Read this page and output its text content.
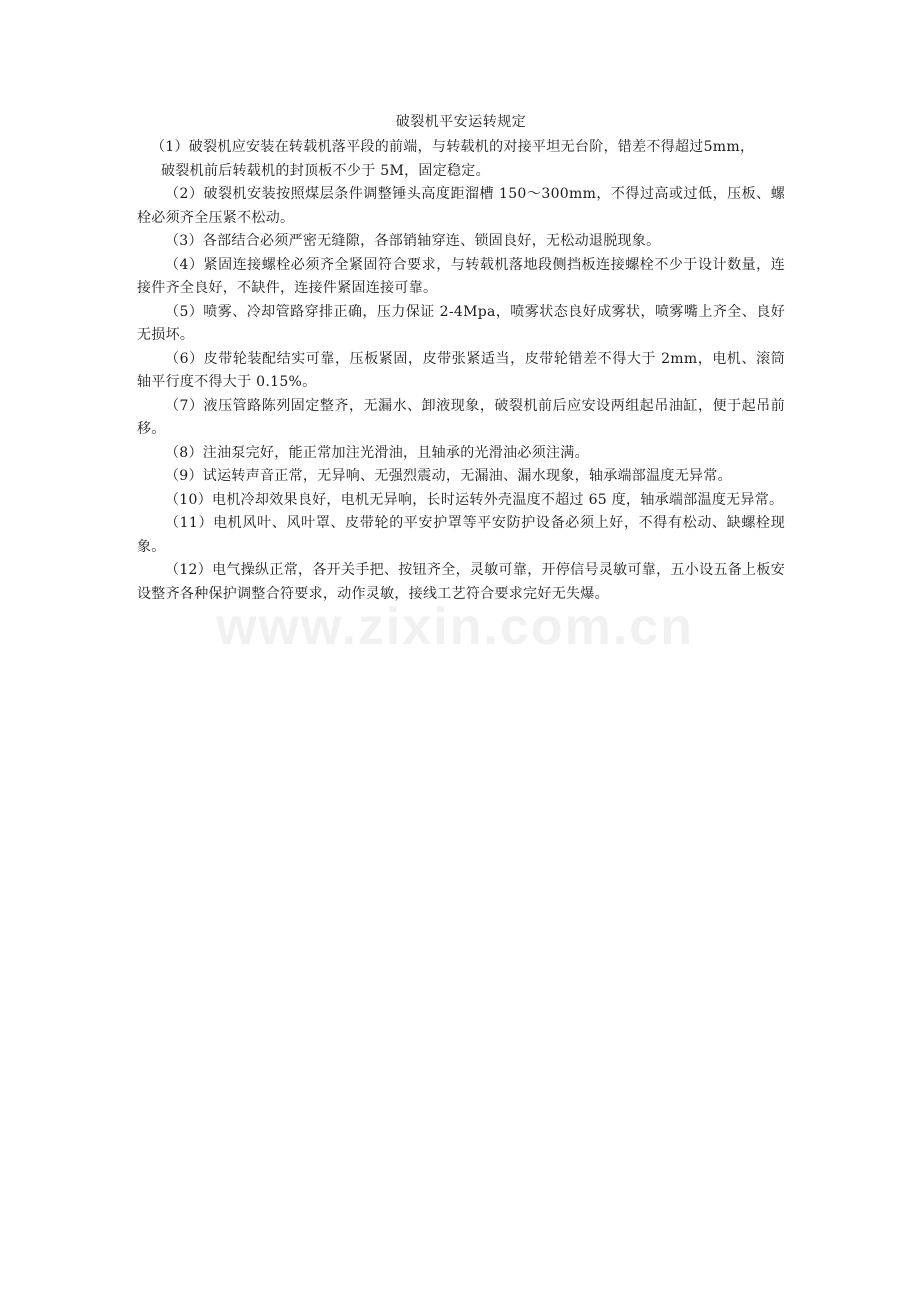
破裂机平安运转规定

（1）破裂机应安装在转载机落平段的前端，与转载机的对接平坦无台阶，错差不得超过5mm，

破裂机前后转载机的封顶板不少于 5M，固定稳定。

（2）破裂机安装按照煤层条件调整锤头高度距溜槽 150～300mm，不得过高或过低，压板、螺栓必须齐全压紧不松动。

（3）各部结合必须严密无缝隙，各部销轴穿连、锁固良好，无松动退脱现象。

（4）紧固连接螺栓必须齐全紧固符合要求，与转载机落地段侧挡板连接螺栓不少于设计数量，连接件齐全良好，不缺件，连接件紧固连接可靠。

（5）喷雾、冷却管路穿排正确，压力保证 2-4Mpa，喷雾状态良好成雾状，喷雾嘴上齐全、良好无损坏。

（6）皮带轮装配结实可靠，压板紧固，皮带张紧适当，皮带轮错差不得大于 2mm，电机、滚筒轴平行度不得大于 0.15%。

（7）液压管路陈列固定整齐，无漏水、卸液现象，破裂机前后应安设两组起吊油缸，便于起吊前移。

（8）注油泵完好，能正常加注光滑油，且轴承的光滑油必须注满。

（9）试运转声音正常，无异响、无强烈震动，无漏油、漏水现象，轴承端部温度无异常。

（10）电机冷却效果良好，电机无异响，长时运转外壳温度不超过 65 度，轴承端部温度无异常。

（11）电机风叶、风叶罩、皮带轮的平安护罩等平安防护设备必须上好，不得有松动、缺螺栓现象。

（12）电气操纵正常，各开关手把、按钮齐全，灵敏可靠，开停信号灵敏可靠，五小设五备上板安设整齐各种保护调整合符要求，动作灵敏，接线工艺符合要求完好无失爆。

www.zixin.com.cn
